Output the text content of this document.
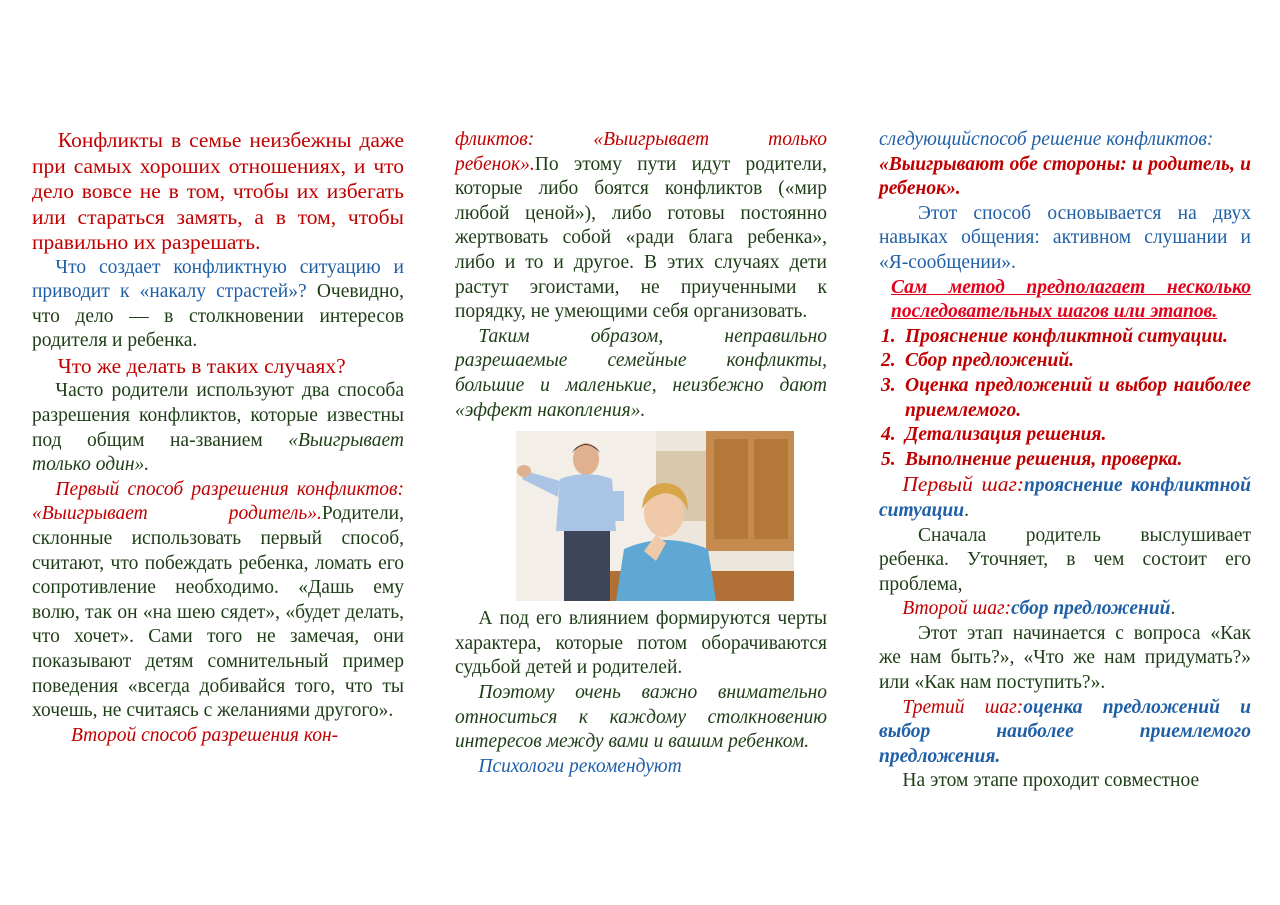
Конфликты в семье неизбежны даже при самых хороших отношениях, и что дело вовсе не в том, чтобы их избегать или стараться замять, а в том, чтобы правильно их разрешать.

Что создает конфликтную ситуацию и приводит к «накалу страстей»? Очевидно, что дело — в столкновении интересов родителя и ребенка.

Что же делать в таких случаях?

Часто родители используют два способа разрешения конфликтов, которые известны под общим на-званием «Выигрывает только один».

Первый способ разрешения конфликтов: «Выигрывает родитель».Родители, склонные использовать первый способ, считают, что побеждать ребенка, ломать его сопротивление необходимо. «Дашь ему волю, так он «на шею сядет», «будет делать, что хочет». Сами того не замечая, они показывают детям сомнительный пример поведения «всегда добивайся того, что ты хочешь, не считаясь с желаниями другого».

Второй способ разрешения кон-

фликтов: «Выигрывает только ребенок».По этому пути идут родители, которые либо боятся конфликтов («мир любой ценой»), либо готовы постоянно жертвовать собой «ради блага ребенка», либо и то и другое. В этих случаях дети растут эгоистами, не приученными к порядку, не умеющими себя организовать.

Таким образом, неправильно разрешаемые семейные конфликты, большие и маленькие, неизбежно дают «эффект накопления».

А под его влиянием формируются черты характера, которые потом оборачиваются судьбой детей и родителей.

Поэтому очень важно внимательно относиться к каждому столкновению интересов между вами и вашим ребенком.

Психологи рекомендуют

следующийспособ решение конфликтов:

«Выигрывают обе стороны: и родитель, и ребенок».

Этот способ основывается на двух навыках общения: активном слушании и «Я-сообщении».

Сам метод предполагает несколько последовательных шагов или этапов.

1. Прояснение конфликтной ситуации.
2. Сбор предложений.
3. Оценка предложений и выбор наиболее приемлемого.
4. Детализация решения.
5. Выполнение решения, проверка.

Первый шаг:прояснение конфликтной ситуации.

Сначала родитель выслушивает ребенка. Уточняет, в чем состоит его проблема,

Второй шаг:сбор предложений.

Этот этап начинается с вопроса «Как же нам быть?», «Что же нам придумать?» или «Как нам поступить?».

Третий шаг:оценка предложений и выбор наиболее приемлемого предложения.

На этом этапе проходит совместное
